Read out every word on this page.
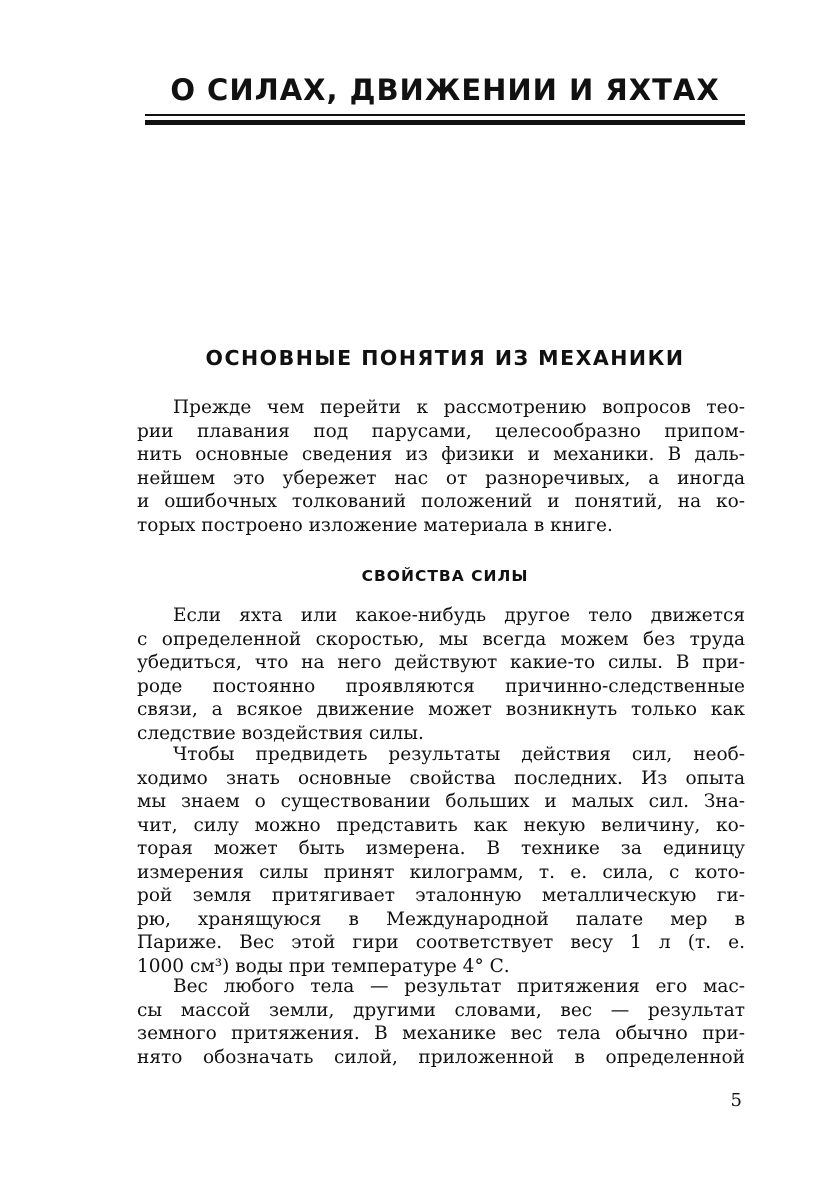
О СИЛАХ, ДВИЖЕНИИ И ЯХТАХ
ОСНОВНЫЕ ПОНЯТИЯ ИЗ МЕХАНИКИ
Прежде чем перейти к рассмотрению вопросов тео-
рии плавания под парусами, целесообразно припом-
нить основные сведения из физики и механики. В даль-
нейшем это убережет нас от разноречивых, а иногда
и ошибочных толкований положений и понятий, на ко-
торых построено изложение материала в книге.
СВОЙСТВА СИЛЫ
Если яхта или какое-нибудь другое тело движется
с определенной скоростью, мы всегда можем без труда
убедиться, что на него действуют какие-то силы. В при-
роде постоянно проявляются причинно-следственные
связи, а всякое движение может возникнуть только как
следствие воздействия силы.
Чтобы предвидеть результаты действия сил, необ-
ходимо знать основные свойства последних. Из опыта
мы знаем о существовании больших и малых сил. Зна-
чит, силу можно представить как некую величину, ко-
торая может быть измерена. В технике за единицу
измерения силы принят килограмм, т. е. сила, с кото-
рой земля притягивает эталонную металлическую ги-
рю, хранящуюся в Международной палате мер в
Париже. Вес этой гири соответствует весу 1 л (т. е.
1000 см³) воды при температуре 4° С.
Вес любого тела — результат притяжения его мас-
сы массой земли, другими словами, вес — результат
земного притяжения. В механике вес тела обычно при-
нято обозначать силой, приложенной в определенной
5
